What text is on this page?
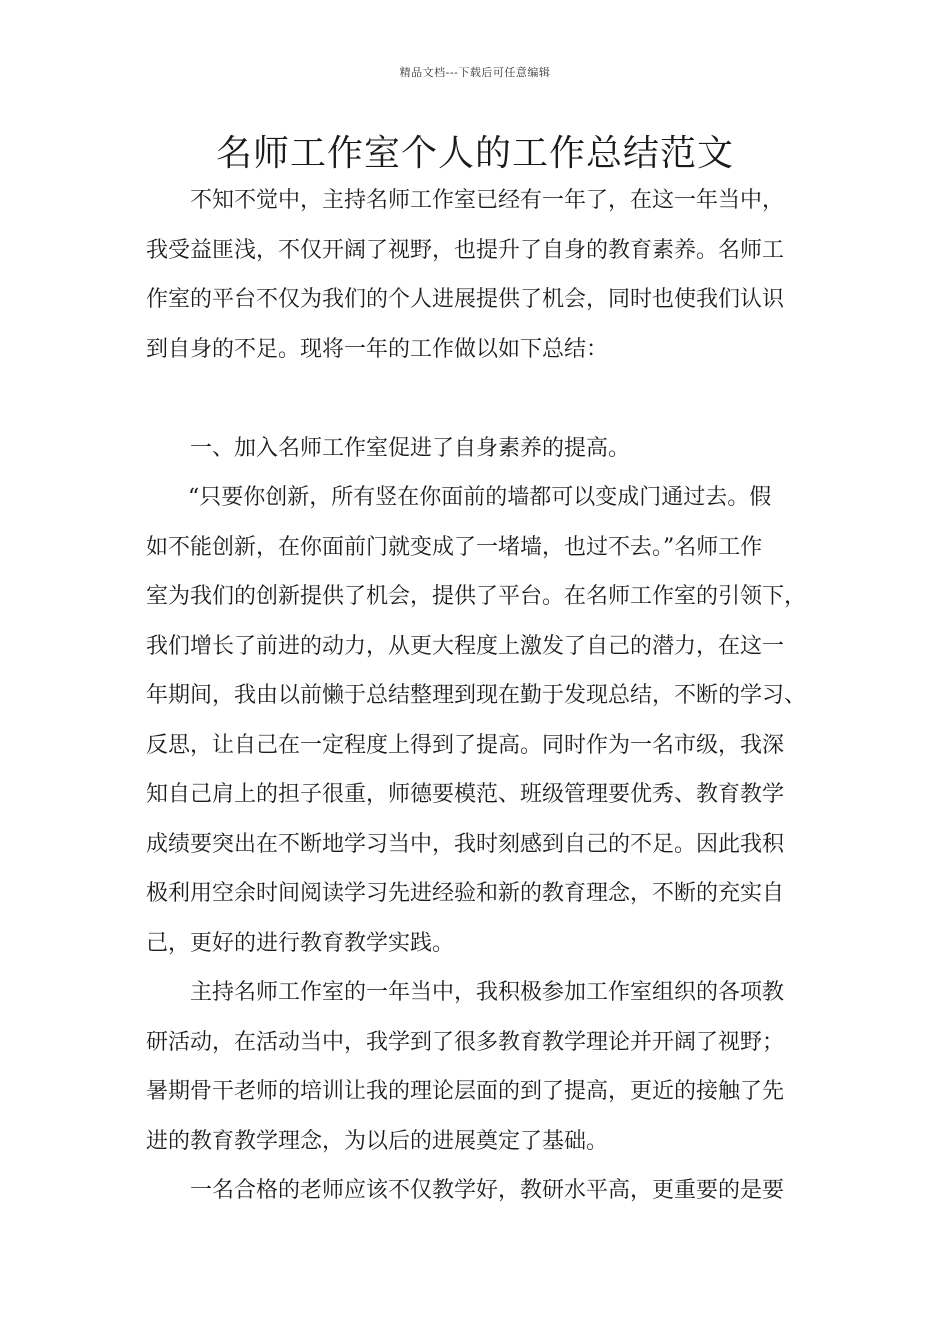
精品文档---下载后可任意编辑
名师工作室个人的工作总结范文
不知不觉中，主持名师工作室已经有一年了，在这一年当中，
我受益匪浅，不仅开阔了视野，也提升了自身的教育素养。名师工
作室的平台不仅为我们的个人进展提供了机会，同时也使我们认识
到自身的不足。现将一年的工作做以如下总结：
一、加入名师工作室促进了自身素养的提高。
“只要你创新，所有竖在你面前的墙都可以变成门通过去。假
如不能创新，在你面前门就变成了一堵墙，也过不去。”名师工作
室为我们的创新提供了机会，提供了平台。在名师工作室的引领下，
我们增长了前进的动力，从更大程度上激发了自己的潜力，在这一
年期间，我由以前懒于总结整理到现在勤于发现总结，不断的学习、
反思，让自己在一定程度上得到了提高。同时作为一名市级，我深
知自己肩上的担子很重，师德要模范、班级管理要优秀、教育教学
成绩要突出在不断地学习当中，我时刻感到自己的不足。因此我积
极利用空余时间阅读学习先进经验和新的教育理念，不断的充实自
己，更好的进行教育教学实践。
主持名师工作室的一年当中，我积极参加工作室组织的各项教
研活动，在活动当中，我学到了很多教育教学理论并开阔了视野；
暑期骨干老师的培训让我的理论层面的到了提高，更近的接触了先
进的教育教学理念，为以后的进展奠定了基础。
一名合格的老师应该不仅教学好，教研水平高，更重要的是要
